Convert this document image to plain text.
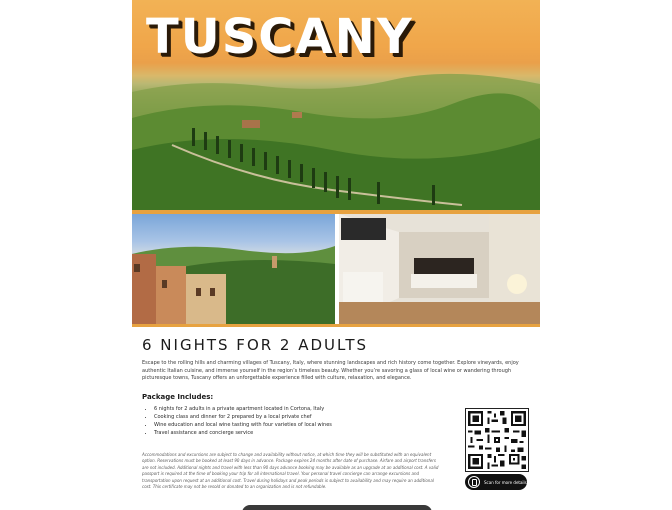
TUSCANY
6 NIGHTS FOR 2 ADULTS

Escape to the rolling hills and charming villages of Tuscany, Italy, where stunning landscapes and rich history come together. Explore vineyards, enjoy authentic Italian cuisine, and immerse yourself in the region’s timeless beauty. Whether you’re savoring a glass of local wine or wandering through picturesque towns, Tuscany offers an unforgettable experience filled with culture, relaxation, and elegance.

Package Includes:
• 6 nights for 2 adults in a private apartment located in Cortona, Italy
• Cooking class and dinner for 2 prepared by a local private chef
• Wine education and local wine tasting with four varieties of local wines
• Travel assistance and concierge service

Accommodations and excursions are subject to change and availability without notice, at which time they will be substituted with an equivalent option. Reservations must be booked at least 90 days in advance. Package expires 24 months after date of purchase. Airfare and airport transfers are not included. Additional nights and travel with less than 90 days advance booking may be available as an upgrade at an additional cost. A valid passport is required at the time of booking your trip for all international travel. Your personal travel concierge can arrange excursions and transportation upon request at an additional cost. Travel during holidays and peak periods is subject to availability and may require an additional cost. This certificate may not be resold or donated to an organization and is not refundable.

Scan for more details
